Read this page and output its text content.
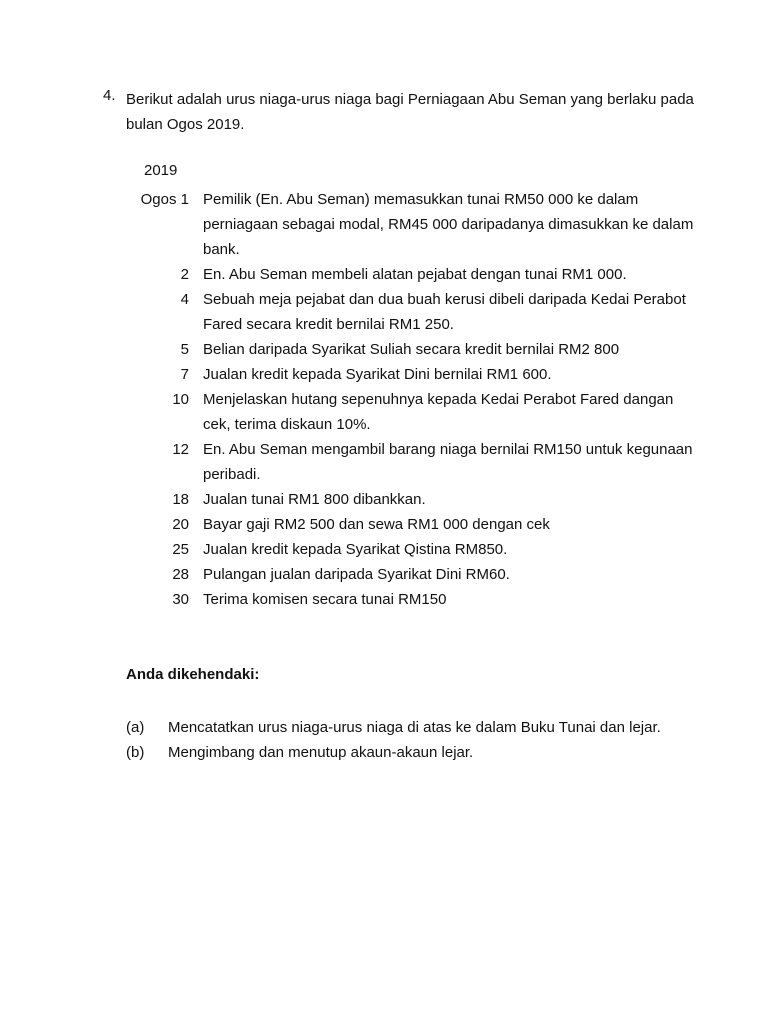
4. Berikut adalah urus niaga-urus niaga bagi Perniagaan Abu Seman yang berlaku pada bulan Ogos 2019.
2019
Ogos 1 Pemilik (En. Abu Seman) memasukkan tunai RM50 000 ke dalam perniagaan sebagai modal, RM45 000 daripadanya dimasukkan ke dalam bank.
2 En. Abu Seman membeli alatan pejabat dengan tunai RM1 000.
4 Sebuah meja pejabat dan dua buah kerusi dibeli daripada Kedai Perabot Fared secara kredit bernilai RM1 250.
5 Belian daripada Syarikat Suliah secara kredit bernilai RM2 800
7 Jualan kredit kepada Syarikat Dini bernilai RM1 600.
10 Menjelaskan hutang sepenuhnya kepada Kedai Perabot Fared dangan cek, terima diskaun 10%.
12 En. Abu Seman mengambil barang niaga bernilai RM150 untuk kegunaan peribadi.
18 Jualan tunai RM1 800 dibankkan.
20 Bayar gaji RM2 500 dan sewa RM1 000 dengan cek
25 Jualan kredit kepada Syarikat Qistina RM850.
28 Pulangan jualan daripada Syarikat Dini RM60.
30 Terima komisen secara tunai RM150
Anda dikehendaki:
(a)	Mencatatkan urus niaga-urus niaga di atas ke dalam Buku Tunai dan lejar.
(b)	Mengimbang dan menutup akaun-akaun lejar.
